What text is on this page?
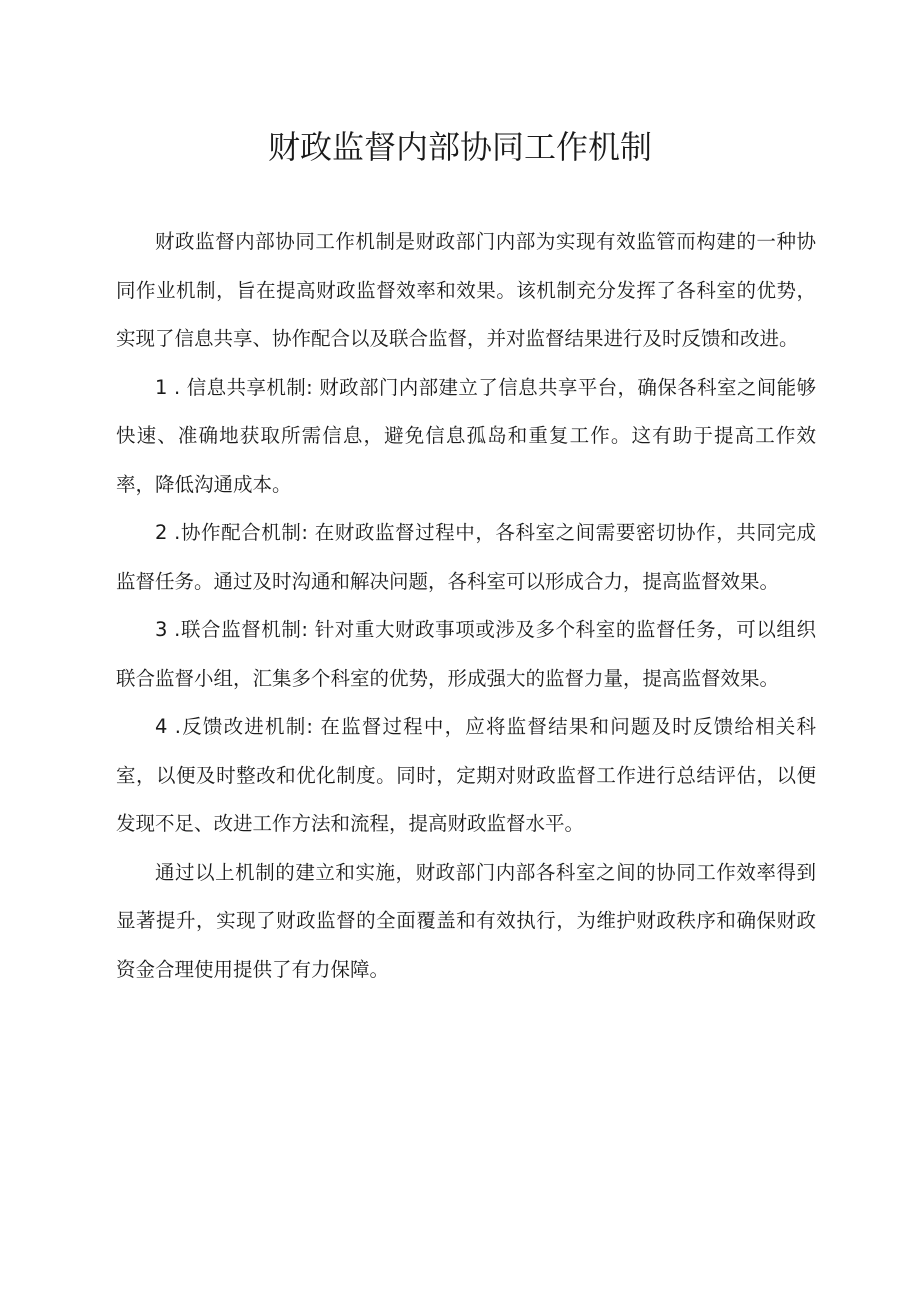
财政监督内部协同工作机制

财政监督内部协同工作机制是财政部门内部为实现有效监管而构建的一种协同作业机制，旨在提高财政监督效率和效果。该机制充分发挥了各科室的优势，实现了信息共享、协作配合以及联合监督，并对监督结果进行及时反馈和改进。

1 . 信息共享机制: 财政部门内部建立了信息共享平台，确保各科室之间能够快速、准确地获取所需信息，避免信息孤岛和重复工作。这有助于提高工作效率，降低沟通成本。

2 .协作配合机制: 在财政监督过程中，各科室之间需要密切协作，共同完成监督任务。通过及时沟通和解决问题，各科室可以形成合力，提高监督效果。

3 .联合监督机制: 针对重大财政事项或涉及多个科室的监督任务，可以组织联合监督小组，汇集多个科室的优势，形成强大的监督力量，提高监督效果。

4 .反馈改进机制: 在监督过程中，应将监督结果和问题及时反馈给相关科室，以便及时整改和优化制度。同时，定期对财政监督工作进行总结评估，以便发现不足、改进工作方法和流程，提高财政监督水平。

通过以上机制的建立和实施，财政部门内部各科室之间的协同工作效率得到显著提升，实现了财政监督的全面覆盖和有效执行，为维护财政秩序和确保财政资金合理使用提供了有力保障。
